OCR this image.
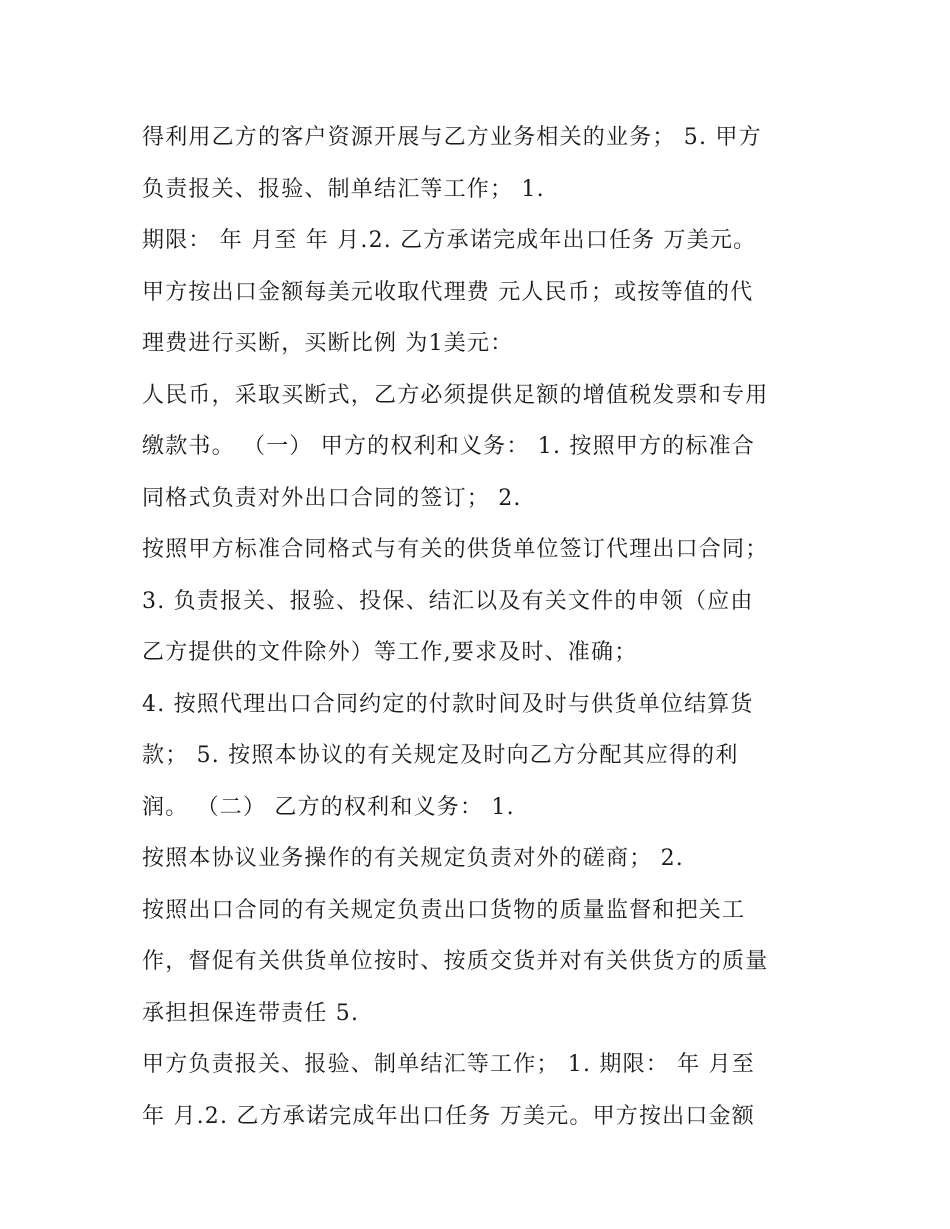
得利用乙方的客户资源开展与乙方业务相关的业务； 5. 甲方
负责报关、报验、制单结汇等工作； 1.
期限： 年 月至 年 月.2. 乙方承诺完成年出口任务 万美元。
甲方按出口金额每美元收取代理费 元人民币；或按等值的代
理费进行买断，买断比例 为1美元：
人民币，采取买断式，乙方必须提供足额的增值税发票和专用
缴款书。 （一） 甲方的权利和义务： 1. 按照甲方的标准合
同格式负责对外出口合同的签订； 2.
按照甲方标准合同格式与有关的供货单位签订代理出口合同；
3. 负责报关、报验、投保、结汇以及有关文件的申领（应由
乙方提供的文件除外）等工作,要求及时、准确；
4. 按照代理出口合同约定的付款时间及时与供货单位结算货
款； 5. 按照本协议的有关规定及时向乙方分配其应得的利
润。 （二） 乙方的权利和义务： 1.
按照本协议业务操作的有关规定负责对外的磋商； 2.
按照出口合同的有关规定负责出口货物的质量监督和把关工
作，督促有关供货单位按时、按质交货并对有关供货方的质量
承担担保连带责任 5.
甲方负责报关、报验、制单结汇等工作； 1. 期限： 年 月至
年 月.2. 乙方承诺完成年出口任务 万美元。甲方按出口金额
